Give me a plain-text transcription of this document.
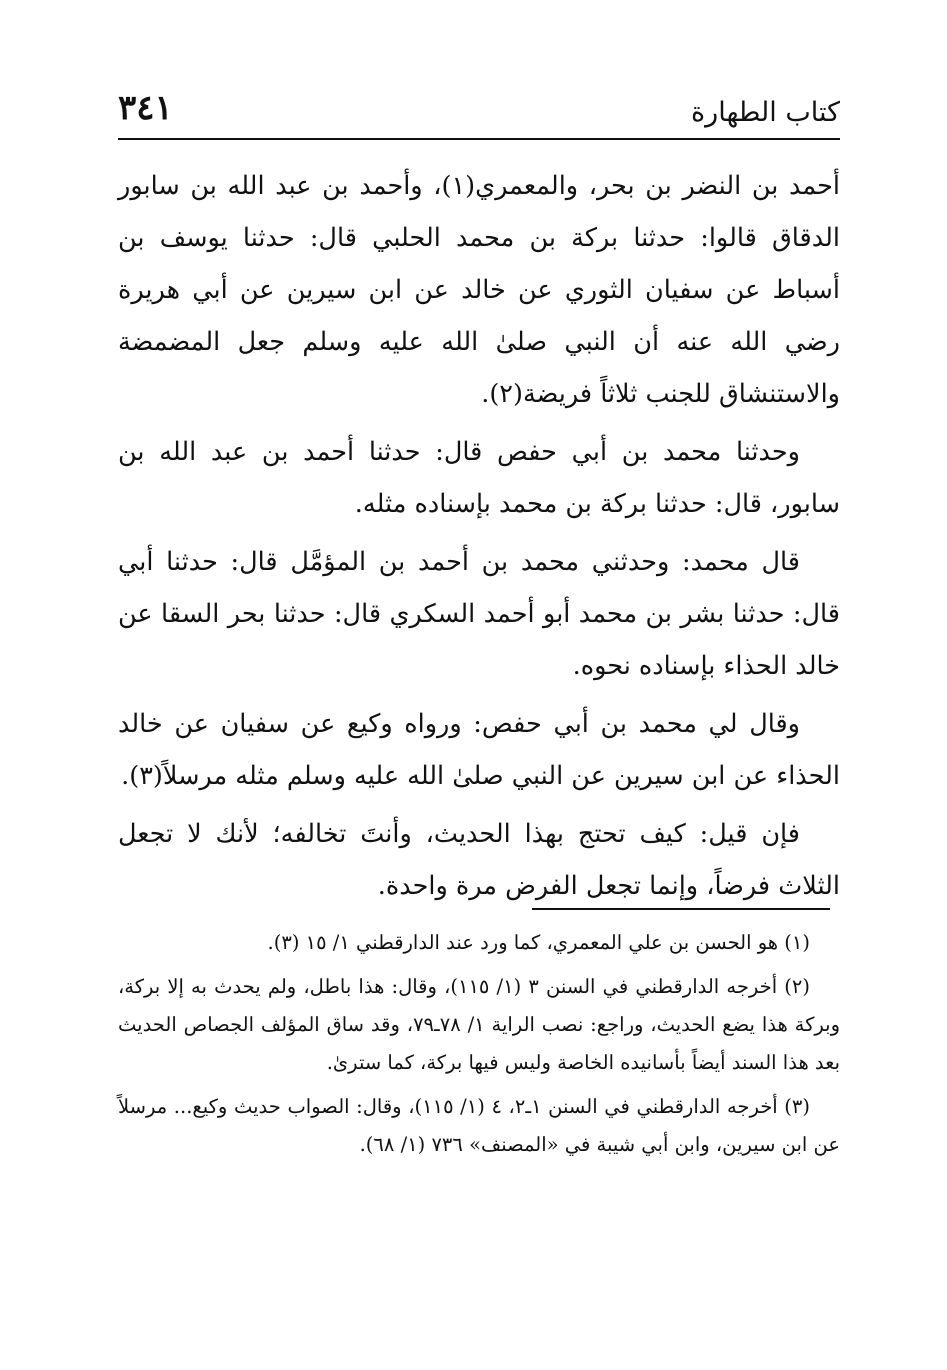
كتاب الطهارة
٣٤١

أحمد بن النضر بن بحر، والمعمري(١)، وأحمد بن عبد الله بن سابور الدقاق قالوا: حدثنا بركة بن محمد الحلبي قال: حدثنا يوسف بن أسباط عن سفيان الثوري عن خالد عن ابن سيرين عن أبي هريرة رضي الله عنه أن النبي صلىٰ الله عليه وسلم جعل المضمضة والاستنشاق للجنب ثلاثاً فريضة(٢).

وحدثنا محمد بن أبي حفص قال: حدثنا أحمد بن عبد الله بن سابور، قال: حدثنا بركة بن محمد بإسناده مثله.

قال محمد: وحدثني محمد بن أحمد بن المؤمَّل قال: حدثنا أبي قال: حدثنا بشر بن محمد أبو أحمد السكري قال: حدثنا بحر السقا عن خالد الحذاء بإسناده نحوه.

وقال لي محمد بن أبي حفص: ورواه وكيع عن سفيان عن خالد الحذاء عن ابن سيرين عن النبي صلىٰ الله عليه وسلم مثله مرسلاً(٣).

فإن قيل: كيف تحتج بهذا الحديث، وأنتَ تخالفه؛ لأنك لا تجعل الثلاث فرضاً، وإنما تجعل الفرض مرة واحدة.

(١) هو الحسن بن علي المعمري، كما ورد عند الدارقطني ١/ ١٥ (٣).

(٢) أخرجه الدارقطني في السنن ٣ (١/ ١١٥)، وقال: هذا باطل، ولم يحدث به إلا بركة، وبركة هذا يضع الحديث، وراجع: نصب الراية ١/ ٧٨ـ٧٩، وقد ساق المؤلف الجصاص الحديث بعد هذا السند أيضاً بأسانيده الخاصة وليس فيها بركة، كما سترىٰ.

(٣) أخرجه الدارقطني في السنن ١ـ٢، ٤ (١/ ١١٥)، وقال: الصواب حديث وكيع... مرسلاً عن ابن سيرين، وابن أبي شيبة في «المصنف» ٧٣٦ (١/ ٦٨).
